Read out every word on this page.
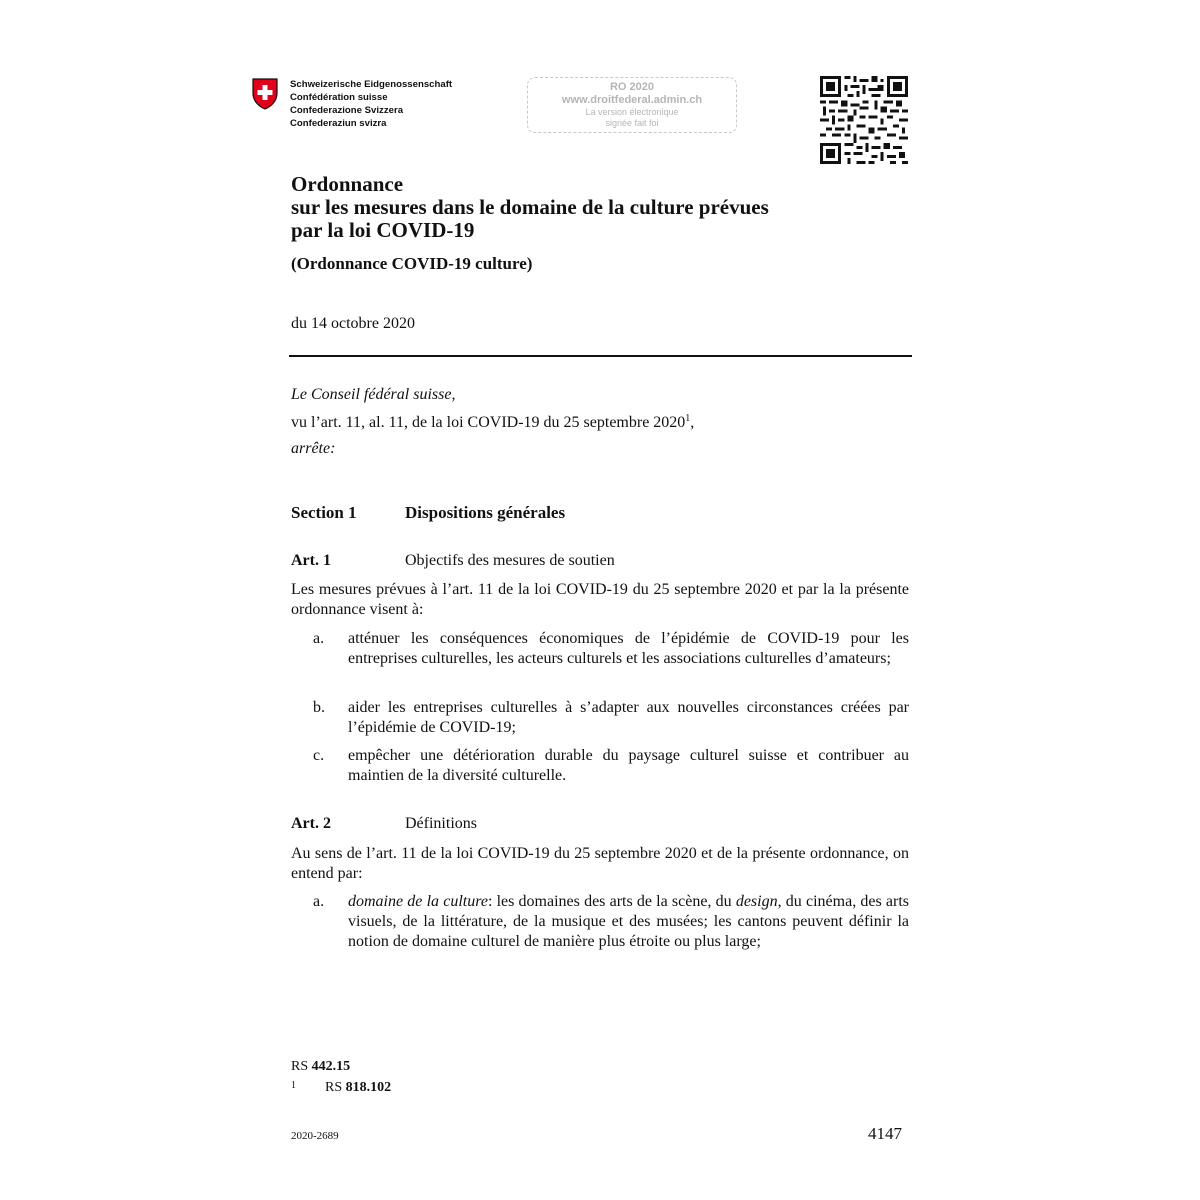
Schweizerische Eidgenossenschaft
Confédération suisse
Confederazione Svizzera
Confederaziun svizra
RO 2020
www.droitfederal.admin.ch
La version électronique
signée fait foi
Ordonnance
sur les mesures dans le domaine de la culture prévues
par la loi COVID-19
(Ordonnance COVID-19 culture)
du 14 octobre 2020
Le Conseil fédéral suisse,
vu l’art. 11, al. 11, de la loi COVID-19 du 25 septembre 2020$^1$,
arrête:
Section 1	Dispositions générales
Art. 1	Objectifs des mesures de soutien
Les mesures prévues à l’art. 11 de la loi COVID-19 du 25 septembre 2020 et par la la présente ordonnance visent à:
a. atténuer les conséquences économiques de l’épidémie de COVID-19 pour les entreprises culturelles, les acteurs culturels et les associations culturelles d’amateurs;
b. aider les entreprises culturelles à s’adapter aux nouvelles circonstances créées par l’épidémie de COVID-19;
c. empêcher une détérioration durable du paysage culturel suisse et contribuer au maintien de la diversité culturelle.
Art. 2	Définitions
Au sens de l’art. 11 de la loi COVID-19 du 25 septembre 2020 et de la présente ordonnance, on entend par:
a. domaine de la culture: les domaines des arts de la scène, du design, du cinéma, des arts visuels, de la littérature, de la musique et des musées; les cantons peuvent définir la notion de domaine culturel de manière plus étroite ou plus large;
RS 442.15
$^1$ RS 818.102
2020-2689	4147
